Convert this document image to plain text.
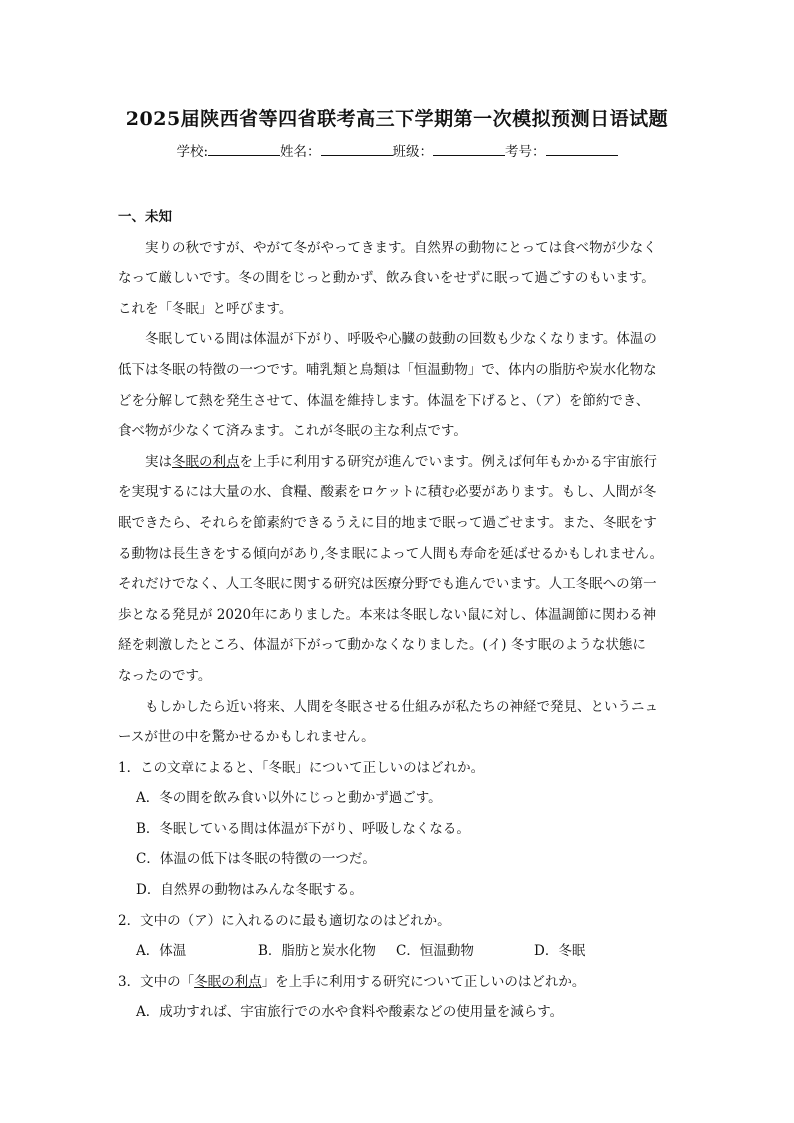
2025届陕西省等四省联考高三下学期第一次模拟预测日语试题
学校:	姓名：	班级：	考号：
一、未知
実りの秋ですが、やがて冬がやってきます。自然界の動物にとっては食べ物が少なく
なって厳しいです。冬の間をじっと動かず、飲み食いをせずに眠って過ごすのもいます。
これを「冬眠」と呼びます。
冬眠している間は体温が下がり、呼吸や心臓の鼓動の回数も少なくなります。体温の
低下は冬眠の特徴の一つです。哺乳類と鳥類は「恒温動物」で、体内の脂肪や炭水化物な
どを分解して熱を発生させて、体温を維持します。体温を下げると、（ア）を節約でき、
食べ物が少なくて済みます。これが冬眠の主な利点です。
実は冬眠の利点を上手に利用する研究が進んでいます。例えば何年もかかる宇宙旅行
を実現するには大量の水、食糧、酸素をロケットに積む必要があります。もし、人間が冬
眠できたら、それらを節素約できるうえに目的地まで眠って過ごせます。また、冬眠をす
る動物は長生きをする傾向があり,冬ま眠によって人間も寿命を延ばせるかもしれません。
それだけでなく、人工冬眠に関する研究は医療分野でも進んでいます。人工冬眠への第一
歩となる発見が 2020年にありました。本来は冬眠しない鼠に対し、体温調節に関わる神
経を刺激したところ、体温が下がって動かなくなりました。(イ) 冬す眠のような状態に
なったのです。
もしかしたら近い将来、人間を冬眠させる仕組みが私たちの神経で発見、というニュ
ースが世の中を驚かせるかもしれません。
1．この文章によると、「冬眠」について正しいのはどれか。
A．冬の間を飲み食い以外にじっと動かず過ごす。
B．冬眠している間は体温が下がり、呼吸しなくなる。
C．体温の低下は冬眠の特徴の一つだ。
D．自然界の動物はみんな冬眠する。
2．文中の（ア）に入れるのに最も適切なのはどれか。
A．体温	B．脂肪と炭水化物 C．恒温動物	D．冬眠
3．文中の「冬眠の利点」を上手に利用する研究について正しいのはどれか。
A．成功すれば、宇宙旅行での水や食料や酸素などの使用量を減らす。
